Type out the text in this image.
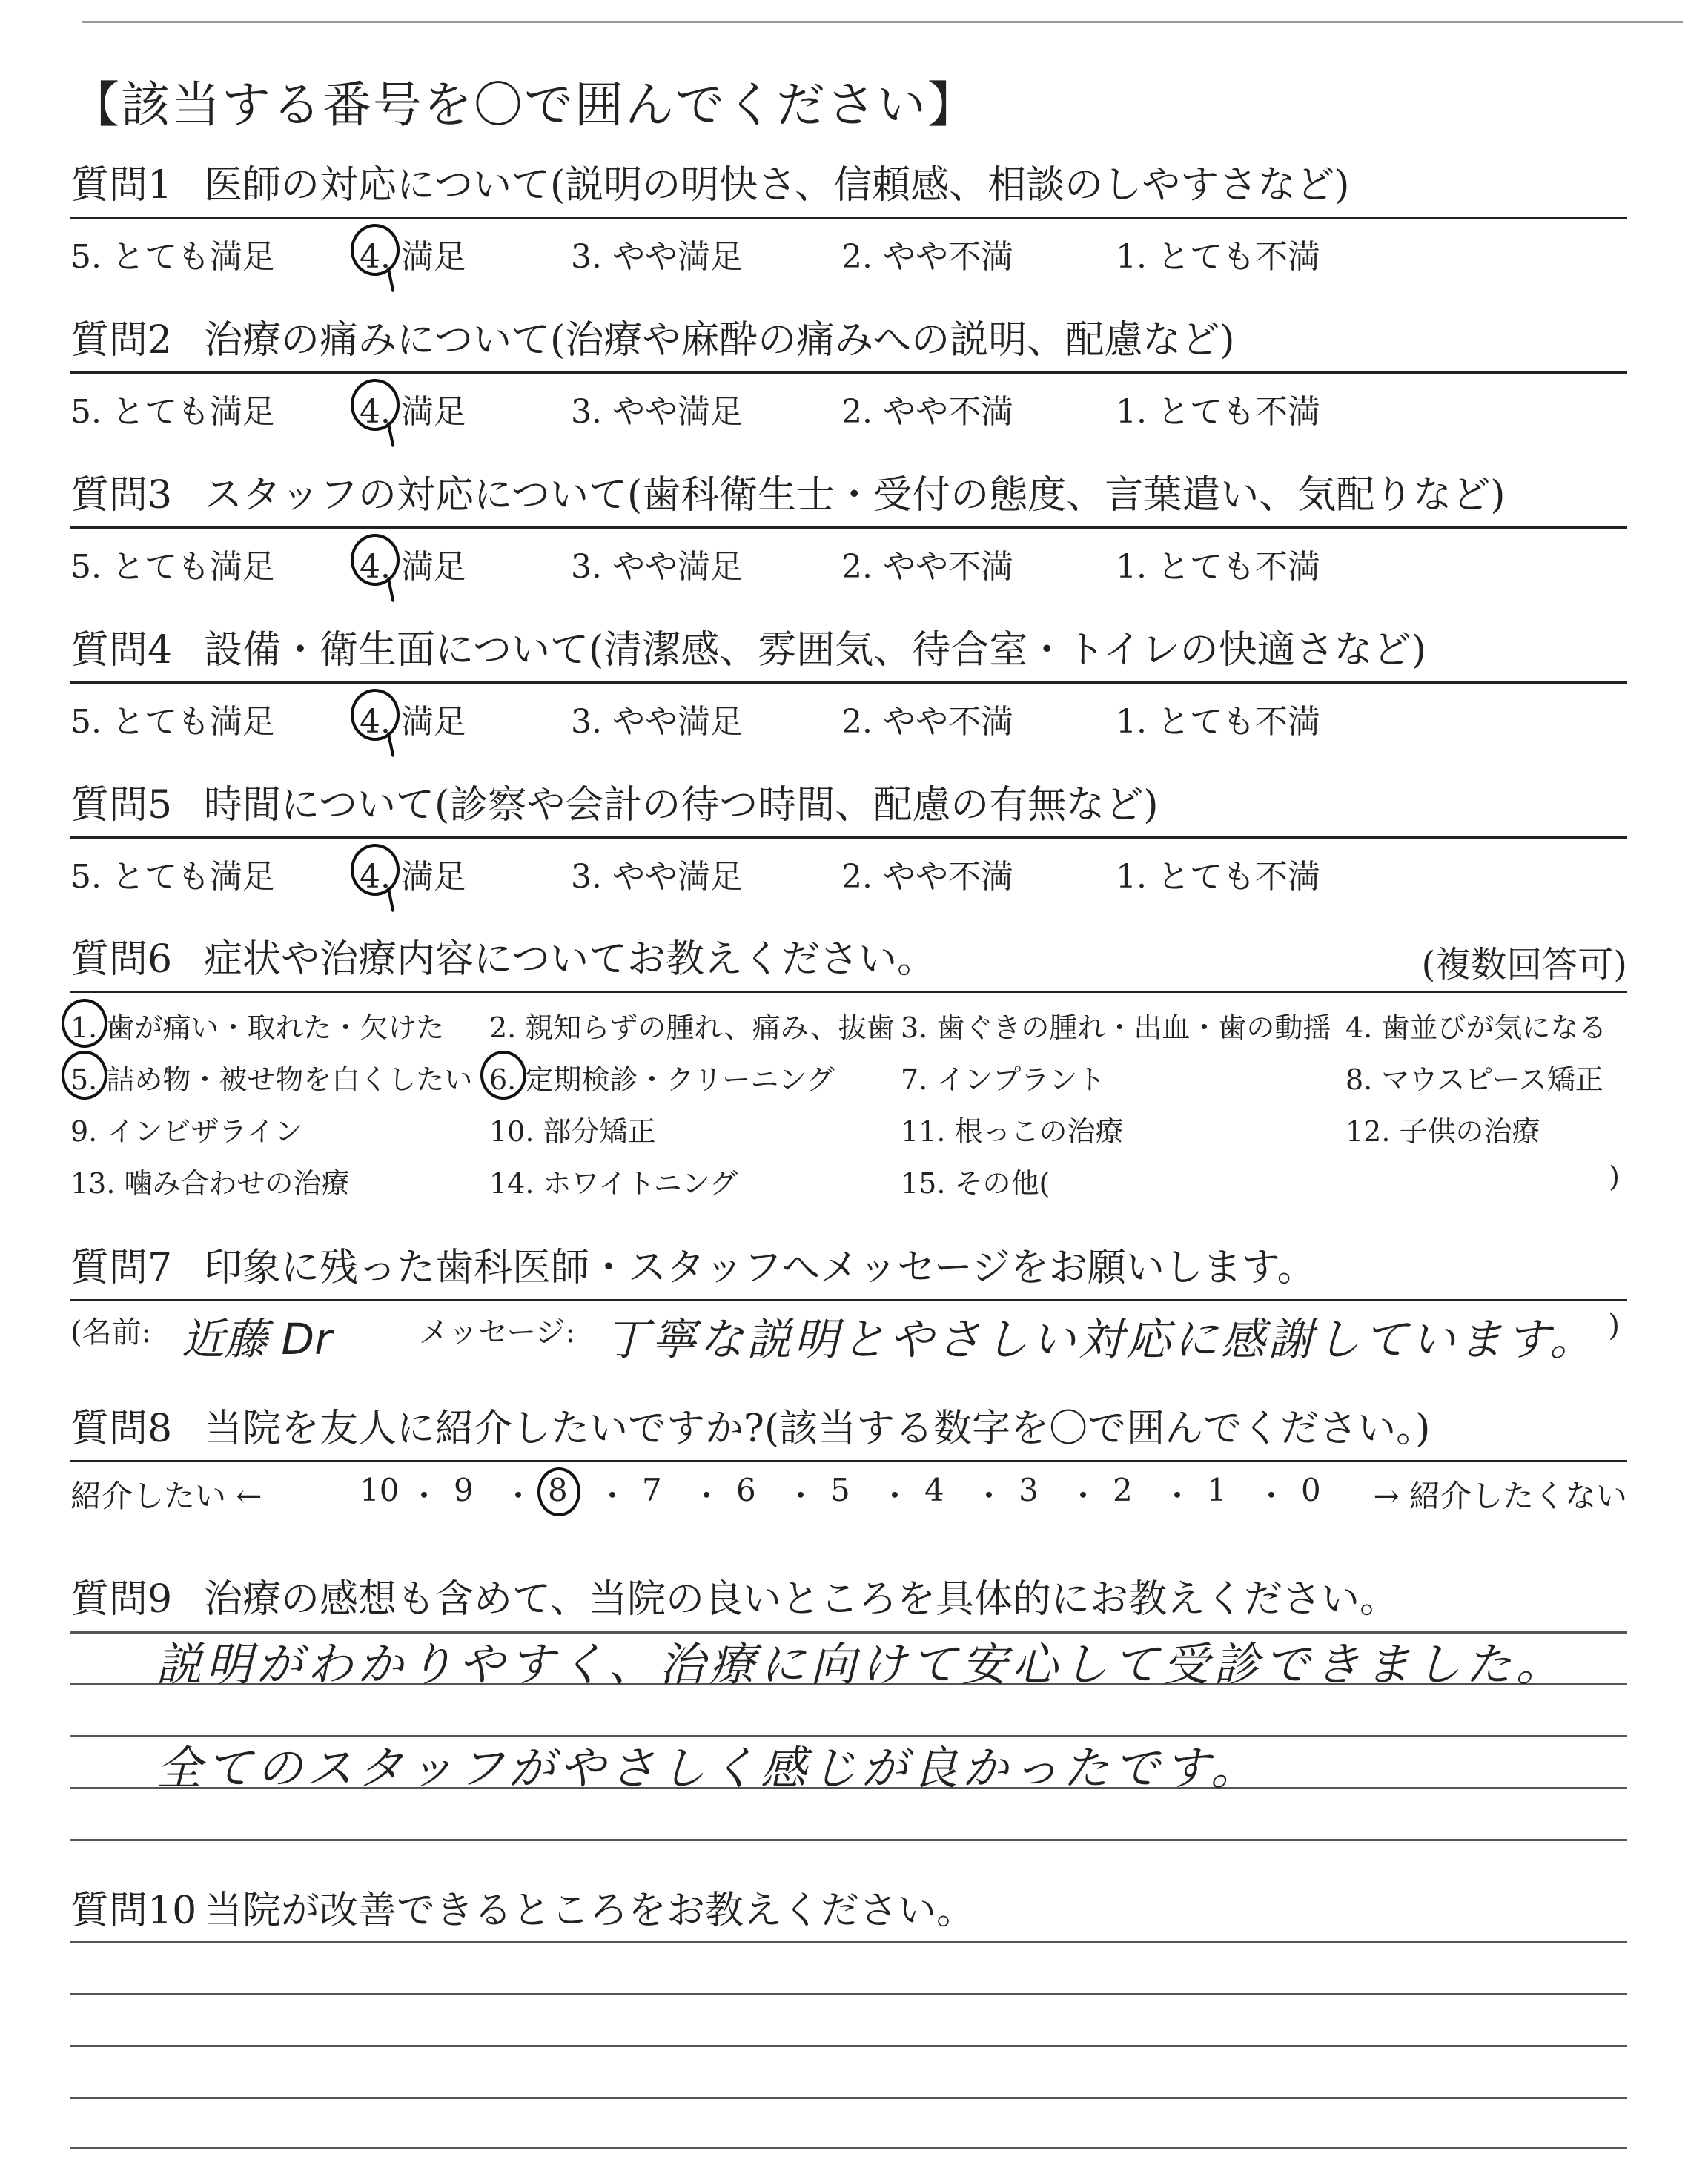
【該当する番号を〇で囲んでください】
質問1 医師の対応について(説明の明快さ、信頼感、相談のしやすさなど)
5. とても満足	4. 満足	3. やや満足	2. やや不満	1. とても不満
質問2 治療の痛みについて(治療や麻酔の痛みへの説明、配慮など)
5. とても満足	4. 満足	3. やや満足	2. やや不満	1. とても不満
質問3 スタッフの対応について(歯科衛生士・受付の態度、言葉遣い、気配りなど)
5. とても満足	4. 満足	3. やや満足	2. やや不満	1. とても不満
質問4 設備・衛生面について(清潔感、雰囲気、待合室・トイレの快適さなど)
5. とても満足	4. 満足	3. やや満足	2. やや不満	1. とても不満
質問5 時間について(診察や会計の待つ時間、配慮の有無など)
5. とても満足	4. 満足	3. やや満足	2. やや不満	1. とても不満
質問6 症状や治療内容についてお教えください。	(複数回答可)
1. 歯が痛い・取れた・欠けた 2. 親知らずの腫れ、痛み、抜歯 3. 歯ぐきの腫れ・出血・歯の動揺 4. 歯並びが気になる
5. 詰め物・被せ物を白くしたい 6. 定期検診・クリーニング 7. インプラント	8. マウスピース矯正
9. インビザライン	10. 部分矯正	11. 根っこの治療	12. 子供の治療
13. 噛み合わせの治療	14. ホワイトニング	15. その他(	)
質問7 印象に残った歯科医師・スタッフへメッセージをお願いします。
(名前: 近藤 Dr	メッセージ: 丁寧な説明とやさしい対応に感謝しています。 )
質問8 当院を友人に紹介したいですか?(該当する数字を〇で囲んでください。)
紹介したい ←	→ 紹介したくない
10 ・ 9 ・ 8 ・ 7 ・ 6 ・ 5 ・ 4 ・ 3 ・ 2 ・ 1 ・ 0
質問9 治療の感想も含めて、当院の良いところを具体的にお教えください。
説明がわかりやすく、治療に向けて安心して受診できました。
全てのスタッフがやさしく感じが良かったです。
質問10 当院が改善できるところをお教えください。
